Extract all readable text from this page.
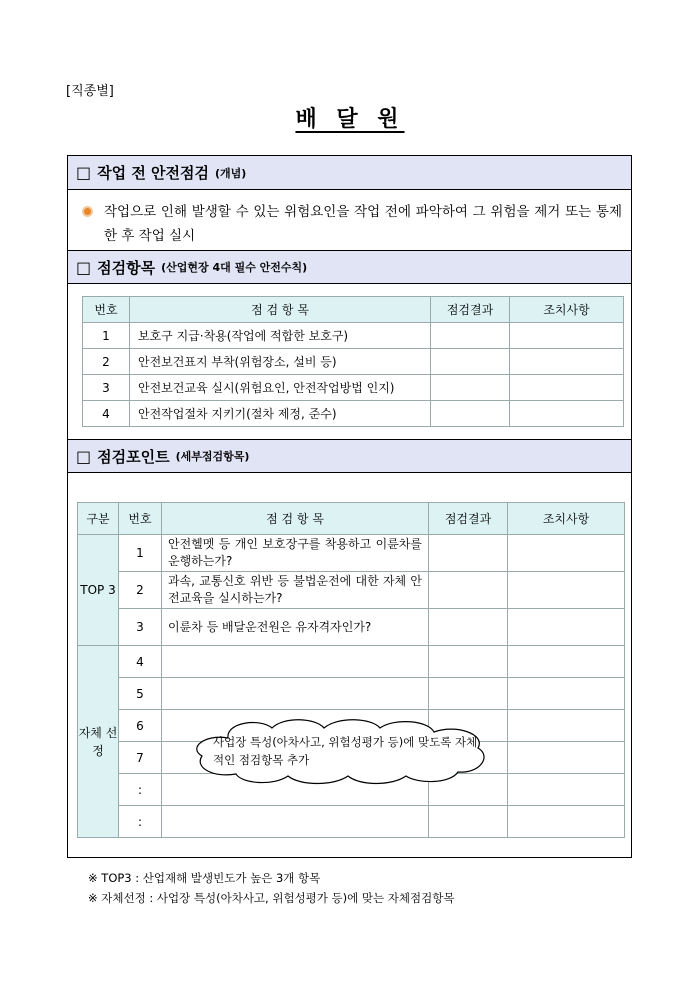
[직종별]
배 달 원
□ 작업 전 안전점검 (개념)
작업으로 인해 발생할 수 있는 위험요인을 작업 전에 파악하여 그 위험을 제거 또는 통제한 후 작업 실시
□ 점검항목 (산업현장 4대 필수 안전수칙)
번호	점 검 항 목	점검결과	조치사항
1	보호구 지급·착용(작업에 적합한 보호구)		
2	안전보건표지 부착(위험장소, 설비 등)		
3	안전보건교육 실시(위험요인, 안전작업방법 인지)		
4	안전작업절차 지키기(절차 제정, 준수)		
□ 점검포인트 (세부점검항목)
구분	번호	점 검 항 목	점검결과	조치사항
TOP 3	1	안전헬멧 등 개인 보호장구를 착용하고 이륜차를 운행하는가?		
	2	과속, 교통신호 위반 등 불법운전에 대한 자체 안전교육을 실시하는가?		
	3	이륜차 등 배달운전원은 유자격자인가?		
자체 선정	4			
	5			
	6			
	7			
	:			
	:			
사업장 특성(아차사고, 위험성평가 등)에 맞도록 자체적인 점검항목 추가
※ TOP3 : 산업재해 발생빈도가 높은 3개 항목
※ 자체선정 : 사업장 특성(아차사고, 위험성평가 등)에 맞는 자체점검항목
